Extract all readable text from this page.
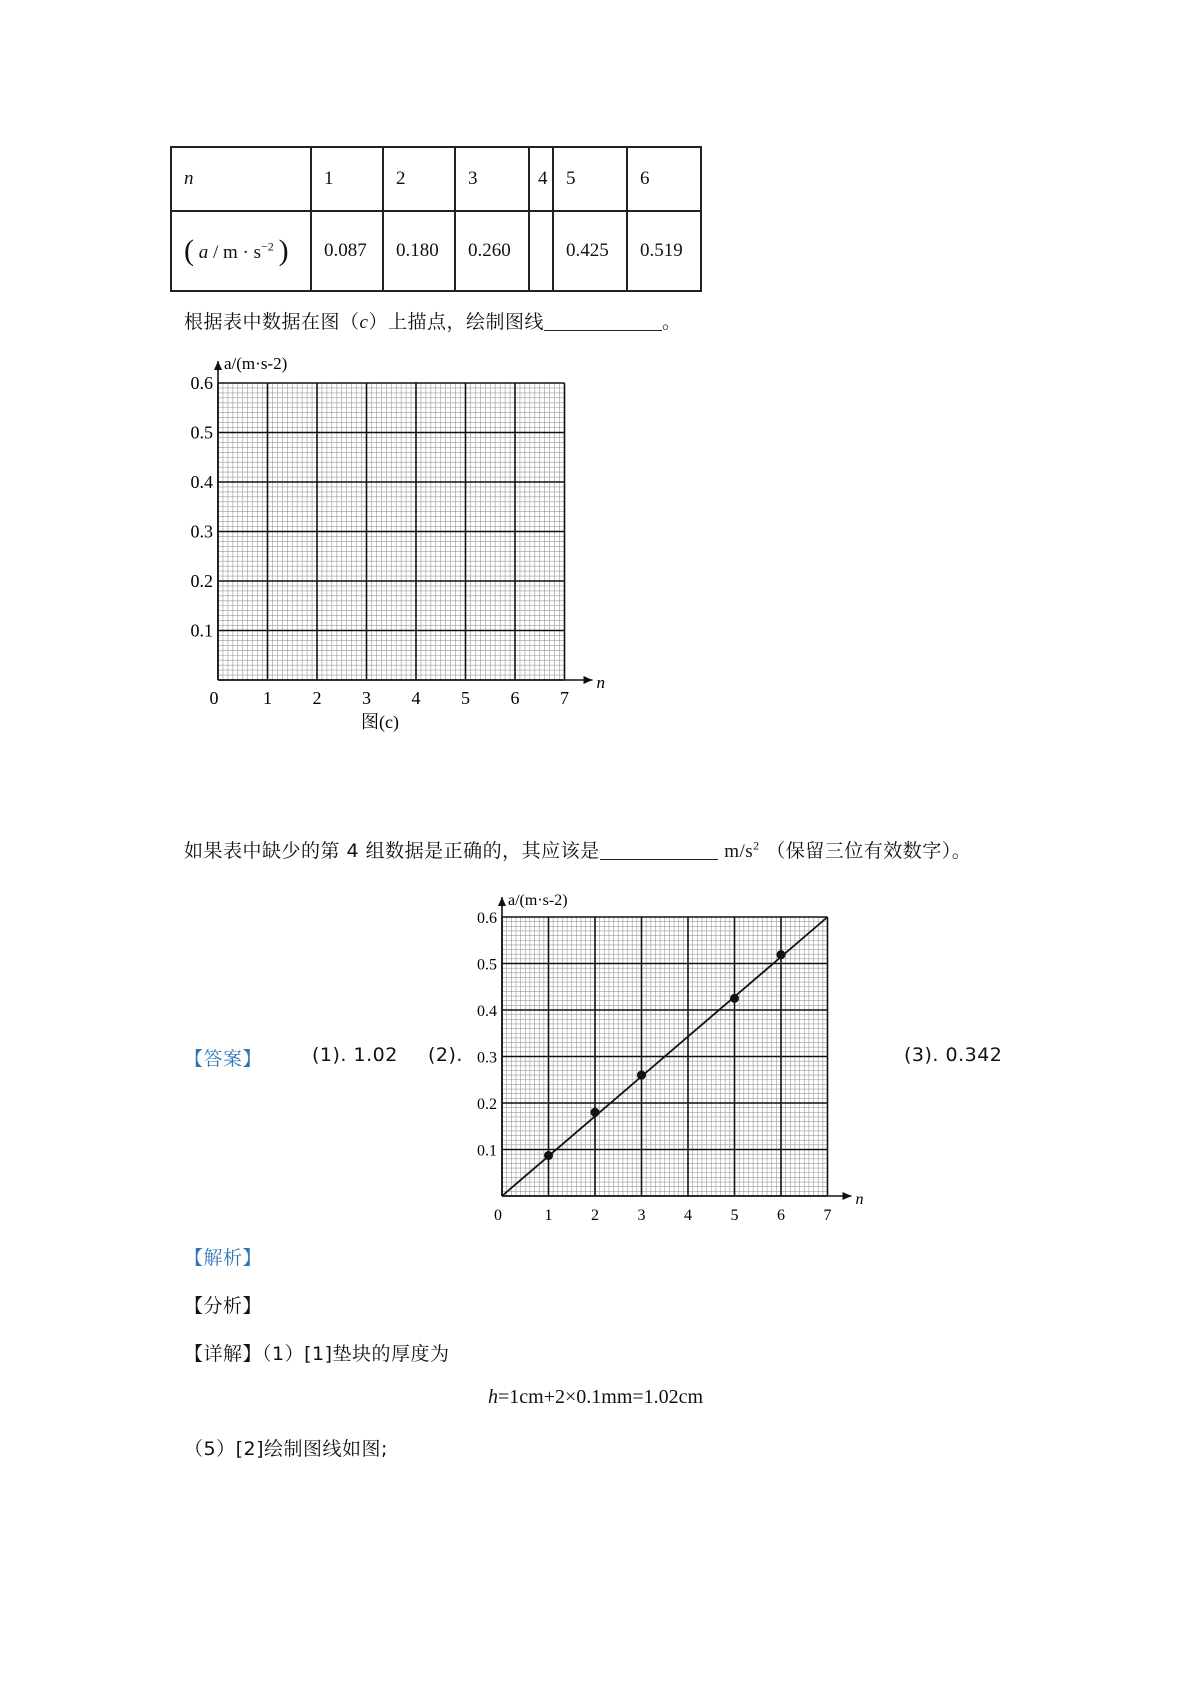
n	1	2	3	4	5	6
( $a / m \cdot s^{-2}$ )	0.087	0.180	0.260		0.425	0.519
根据表中数据在图（c）上描点，绘制图线	。
a/(m·s-2)
n
0.1
0.2
0.3
0.4
0.5
0.6
0 1 2 3 4 5 6 7
图(c)
如果表中缺少的第 4 组数据是正确的，其应该是	$m/s^2$ （保留三位有效数字）。
【答案】	(1). 1.02 (2).	(3). 0.342
a/(m·s-2)
n
0.1
0.2
0.3
0.4
0.5
0.6
0	1 2 3 4 5 6 7
【解析】
【分析】
【详解】（1）[1]垫块的厚度为
h=1cm+2×0.1mm=1.02cm
（5）[2]绘制图线如图;
